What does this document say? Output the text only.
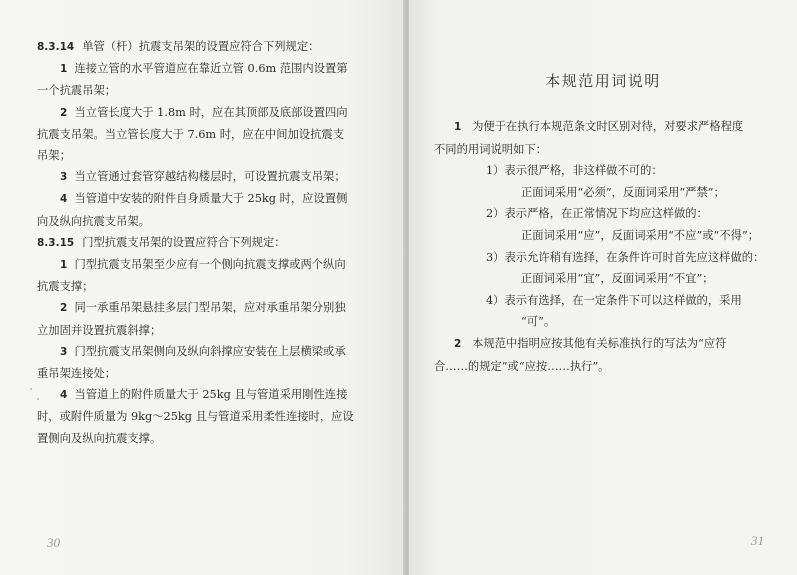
8.3.14 单管（杆）抗震支吊架的设置应符合下列规定：
1 连接立管的水平管道应在靠近立管 0.6m 范围内设置第
一个抗震吊架；
2 当立管长度大于 1.8m 时，应在其顶部及底部设置四向
抗震支吊架。当立管长度大于 7.6m 时，应在中间加设抗震支
吊架；
3 当立管通过套管穿越结构楼层时，可设置抗震支吊架；
4 当管道中安装的附件自身质量大于 25kg 时，应设置侧
向及纵向抗震支吊架。
8.3.15 门型抗震支吊架的设置应符合下列规定：
1 门型抗震支吊架至少应有一个侧向抗震支撑或两个纵向
抗震支撑；
2 同一承重吊架悬挂多层门型吊架，应对承重吊架分别独
立加固并设置抗震斜撑；
3 门型抗震支吊架侧向及纵向斜撑应安装在上层横梁或承
重吊架连接处；
4 当管道上的附件质量大于 25kg 且与管道采用刚性连接
时，或附件质量为 9kg～25kg 且与管道采用柔性连接时，应设
置侧向及纵向抗震支撑。
30
本规范用词说明
1 为便于在执行本规范条文时区别对待，对要求严格程度
不同的用词说明如下：
1）表示很严格，非这样做不可的：
正面词采用“必须”，反面词采用“严禁”；
2）表示严格，在正常情况下均应这样做的：
正面词采用“应”，反面词采用“不应”或“不得”；
3）表示允许稍有选择，在条件许可时首先应这样做的：
正面词采用“宜”，反面词采用“不宜”；
4）表示有选择，在一定条件下可以这样做的，采用
“可”。
2 本规范中指明应按其他有关标准执行的写法为“应符
合……的规定”或“应按……执行”。
31
